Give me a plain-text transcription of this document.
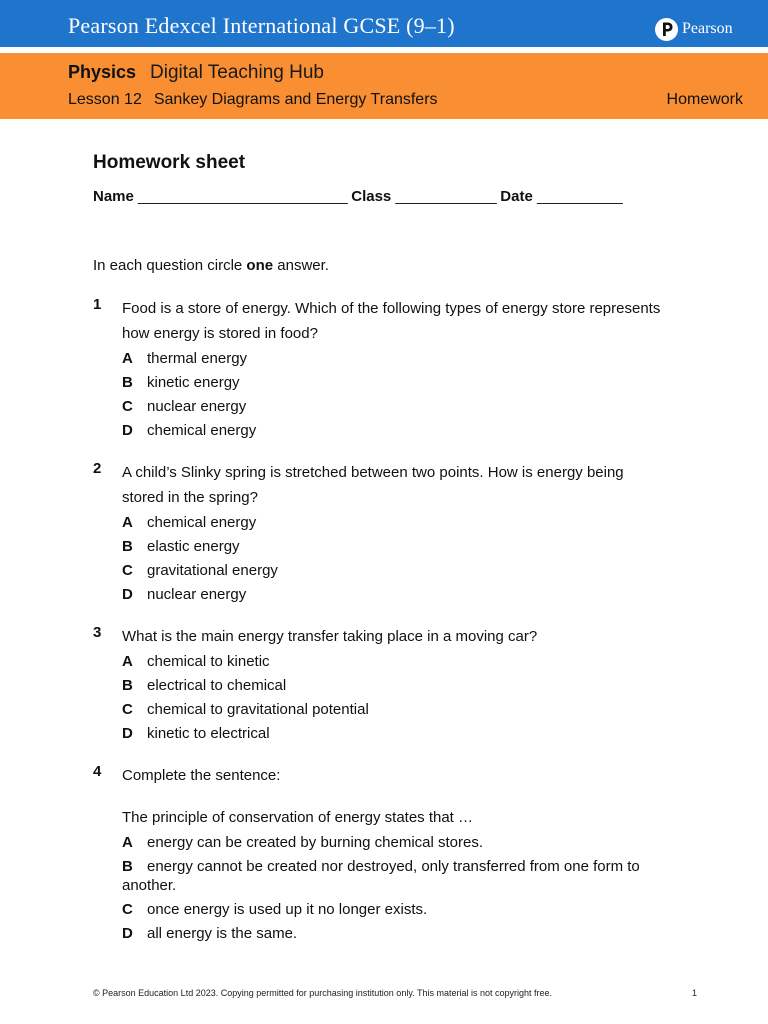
Pearson Edexcel International GCSE (9–1)	Pearson
Physics Digital Teaching Hub
Lesson 12 Sankey Diagrams and Energy Transfers	Homework
Homework sheet
Name ___________________________ Class _____________ Date ___________
In each question circle one answer.
1 Food is a store of energy. Which of the following types of energy store represents how energy is stored in food?
A thermal energy
B kinetic energy
C nuclear energy
D chemical energy
2 A child’s Slinky spring is stretched between two points. How is energy being stored in the spring?
A chemical energy
B elastic energy
C gravitational energy
D nuclear energy
3 What is the main energy transfer taking place in a moving car?
A chemical to kinetic
B electrical to chemical
C chemical to gravitational potential
D kinetic to electrical
4 Complete the sentence:
The principle of conservation of energy states that …
A energy can be created by burning chemical stores.
B energy cannot be created nor destroyed, only transferred from one form to another.
C once energy is used up it no longer exists.
D all energy is the same.
© Pearson Education Ltd 2023. Copying permitted for purchasing institution only. This material is not copyright free.	1
